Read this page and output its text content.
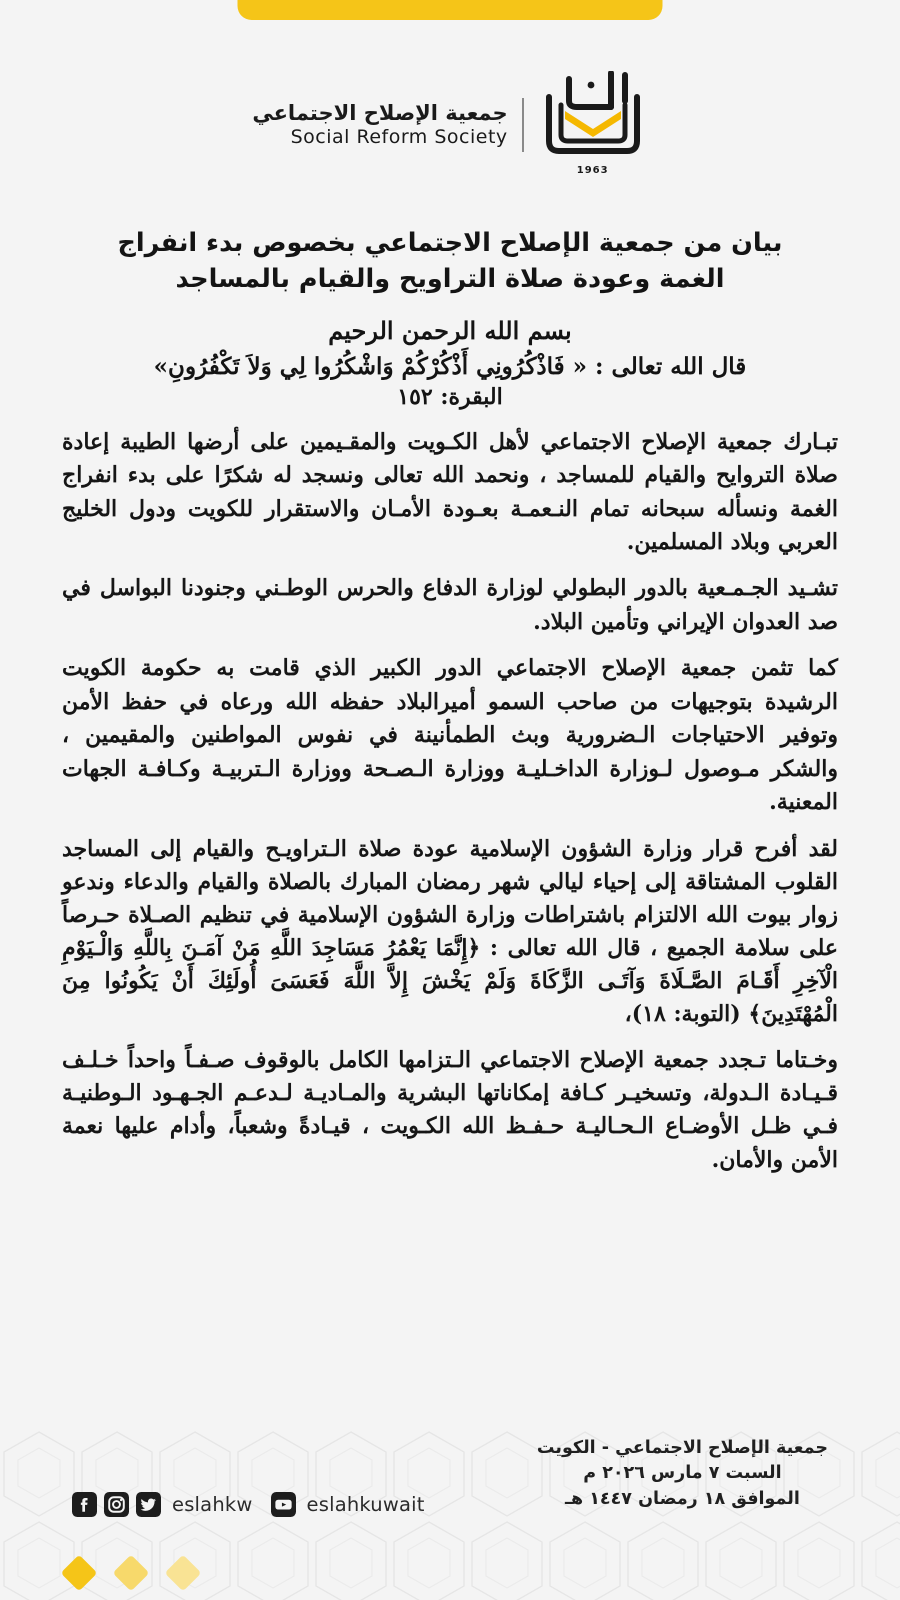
جمعية الإصلاح الاجتماعي
Social Reform Society
1963
بيان من جمعية الإصلاح الاجتماعي بخصوص بدء انفراج الغمة وعودة صلاة التراويح والقيام بالمساجد
بسم الله الرحمن الرحيم
قال الله تعالى : « فَاذْكُرُونِي أَذْكُرْكُمْ وَاشْكُرُوا لِي وَلاَ تَكْفُرُونِ»
البقرة: ١٥٢

تبـارك جمعية الإصلاح الاجتماعي لأهل الكـويت والمقـيمين على أرضها الطيبة إعادة صلاة التروايح والقيام للمساجد ، ونحمد الله تعالى ونسجد له شكرًا على بدء انفراج الغمة ونسأله سبحانه تمام النـعمـة بعـودة الأمـان والاستقرار للكويت ودول الخليج العربي وبلاد المسلمين.

تشـيد الجـمـعية بالدور البطولي لوزارة الدفاع والحرس الوطـني وجنودنا البواسل في صد العدوان الإيراني وتأمين البلاد.

كما تثمن جمعية الإصلاح الاجتماعي الدور الكبير الذي قامت به حكومة الكويت الرشيدة بتوجيهات من صاحب السمو أميرالبلاد حفظه الله ورعاه في حفظ الأمن وتوفير الاحتياجات الـضرورية وبث الطمأنينة في نفوس المواطنين والمقيمين ، والشكر مـوصول لـوزارة الداخـليـة ووزارة الـصـحة ووزارة الـتربيـة وكـافـة الجهات المعنية.

لقد أفرح قرار وزارة الشؤون الإسلامية عودة صلاة الـتراويـح والقيام إلى المساجد القلوب المشتاقة إلى إحياء ليالي شهر رمضان المبارك بالصلاة والقيام والدعاء وندعو زوار بيوت الله الالتزام باشتراطات وزارة الشؤون الإسلامية في تنظيم الصـلاة حـرصاً على سلامة الجميع ، قال الله تعالى : ﴿إِنَّمَا يَعْمُرُ مَسَاجِدَ اللَّهِ مَنْ آمَـنَ بِاللَّهِ وَالْـيَوْمِ الْآخِرِ أَقَـامَ الصَّـلَاةَ وَآتَـى الزَّكَاةَ وَلَمْ يَخْشَ إِلاَّ اللَّهَ فَعَسَىَ أُولَئِكَ أَنْ يَكُونُوا مِنَ الْمُهْتَدِينَ﴾ (التوبة: ١٨)،

وخـتاما تـجدد جمعية الإصلاح الاجتماعي الـتزامها الكامل بالوقوف صـفـاً واحداً خـلـف قـيـادة الـدولة، وتسخيـر كـافة إمكاناتها البشرية والمـاديـة لـدعـم الجـهـود الـوطنيـة فـي ظـل الأوضـاع الـحـاليـة حـفـظ الله الكـويت ، قيـادةً وشعباً، وأدام عليها نعمة الأمن والأمان.

جمعية الإصلاح الاجتماعي - الكويت
السبت ٧ مارس ٢٠٢٦ م
الموافق ١٨ رمضان ١٤٤٧ هـ
eslahkw	eslahkuwait
